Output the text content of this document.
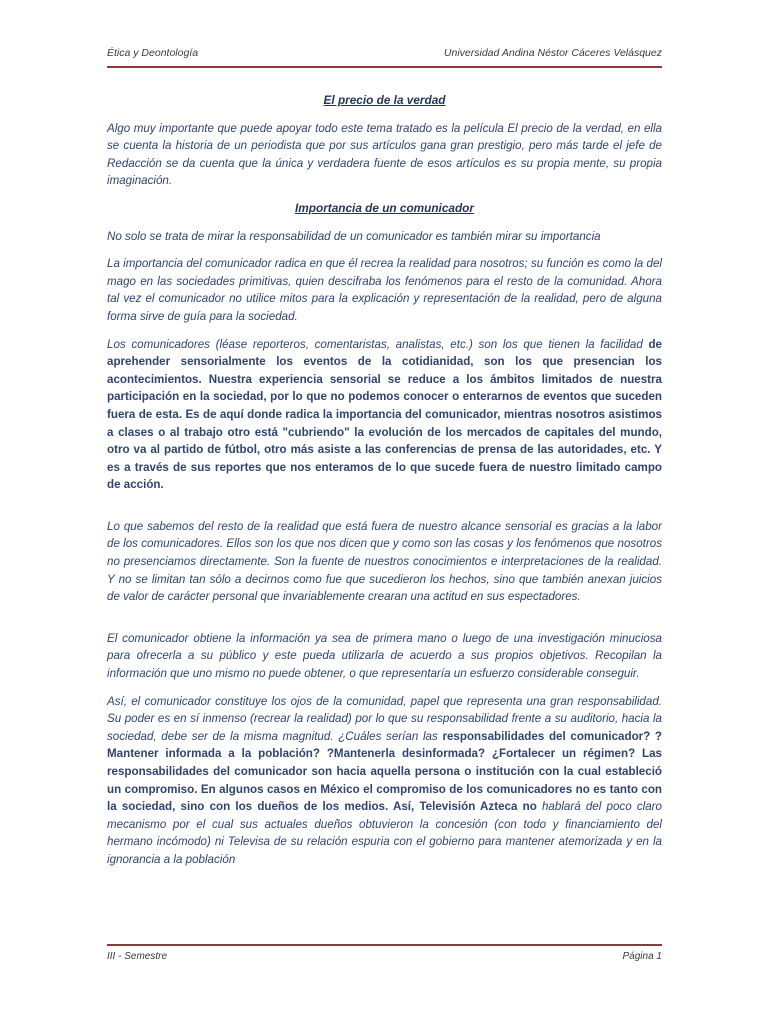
Ética y Deontología	Universidad Andina Néstor Cáceres Velásquez
El precio de la verdad

Algo muy importante que puede apoyar todo este tema tratado es la película El precio de la verdad, en ella se cuenta la historia de un periodista que por sus artículos gana gran prestigio, pero más tarde el jefe de Redacción se da cuenta que la única y verdadera fuente de esos artículos es su propia mente, su propia imaginación.

Importancia de un comunicador

No solo se trata de mirar la responsabilidad de un comunicador es también mirar su importancia

La importancia del comunicador radica en que él recrea la realidad para nosotros; su función es como la del mago en las sociedades primitivas, quien descifraba los fenómenos para el resto de la comunidad. Ahora tal vez el comunicador no utilice mitos para la explicación y representación de la realidad, pero de alguna forma sirve de guía para la sociedad.

Los comunicadores (léase reporteros, comentaristas, analistas, etc.) son los que tienen la facilidad de aprehender sensorialmente los eventos de la cotidianidad, son los que presencian los acontecimientos. Nuestra experiencia sensorial se reduce a los ámbitos limitados de nuestra participación en la sociedad, por lo que no podemos conocer o enterarnos de eventos que suceden fuera de esta. Es de aquí donde radica la importancia del comunicador, mientras nosotros asistimos a clases o al trabajo otro está "cubriendo" la evolución de los mercados de capitales del mundo, otro va al partido de fútbol, otro más asiste a las conferencias de prensa de las autoridades, etc. Y es a través de sus reportes que nos enteramos de lo que sucede fuera de nuestro limitado campo de acción.

Lo que sabemos del resto de la realidad que está fuera de nuestro alcance sensorial es gracias a la labor de los comunicadores. Ellos son los que nos dicen que y como son las cosas y los fenómenos que nosotros no presenciamos directamente. Son la fuente de nuestros conocimientos e interpretaciones de la realidad. Y no se limitan tan sólo a decirnos como fue que sucedieron los hechos, sino que también anexan juicios de valor de carácter personal que invariablemente crearan una actitud en sus espectadores.

El comunicador obtiene la información ya sea de primera mano o luego de una investigación minuciosa para ofrecerla a su público y este pueda utilizarla de acuerdo a sus propios objetivos. Recopilan la información que uno mismo no puede obtener, o que representaría un esfuerzo considerable conseguir.

Así, el comunicador constituye los ojos de la comunidad, papel que representa una gran responsabilidad. Su poder es en sí inmenso (recrear la realidad) por lo que su responsabilidad frente a su auditorio, hacia la sociedad, debe ser de la misma magnitud. ¿Cuáles serían las responsabilidades del comunicador? ?Mantener informada a la población? ?Mantenerla desinformada? ¿Fortalecer un régimen? Las responsabilidades del comunicador son hacia aquella persona o institución con la cual estableció un compromiso. En algunos casos en México el compromiso de los comunicadores no es tanto con la sociedad, sino con los dueños de los medios. Así, Televisión Azteca no hablará del poco claro mecanismo por el cual sus actuales dueños obtuvieron la concesión (con todo y financiamiento del hermano incómodo) ni Televisa de su relación espuria con el gobierno para mantener atemorizada y en la ignorancia a la población

III - Semestre	Página 1
